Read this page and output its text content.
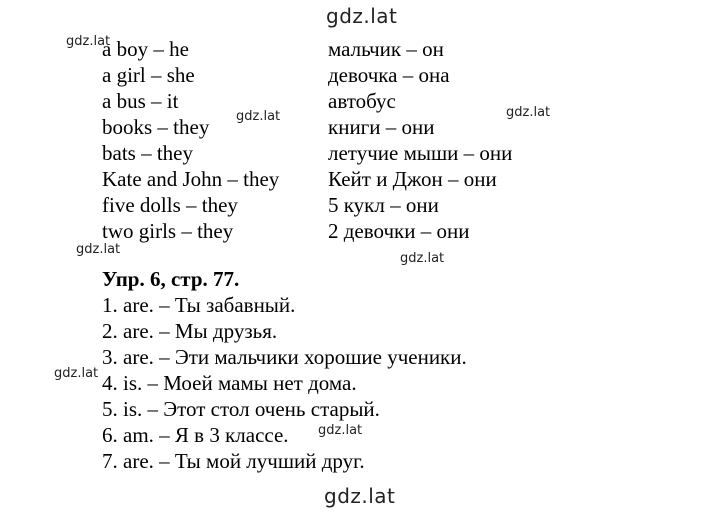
gdz.lat
gdz.lat
gdz.lat	gdz.lat
gdz.lat
gdz.lat
gdz.lat
gdz.lat
gdz.lat
a boy – he
a girl – she
a bus – it
books – they
bats – they
Kate and John – they
five dolls – they
two girls – they
мальчик – он
девочка – она
автобус
книги – они
летучие мыши – они
Кейт и Джон – они
5 кукл – они
2 девочки – они
Упр. 6, стр. 77.
1. are. – Ты забавный.
2. are. – Мы друзья.
3. are. – Эти мальчики хорошие ученики.
4. is. – Моей мамы нет дома.
5. is. – Этот стол очень старый.
6. am. – Я в 3 классе.
7. are. – Ты мой лучший друг.
